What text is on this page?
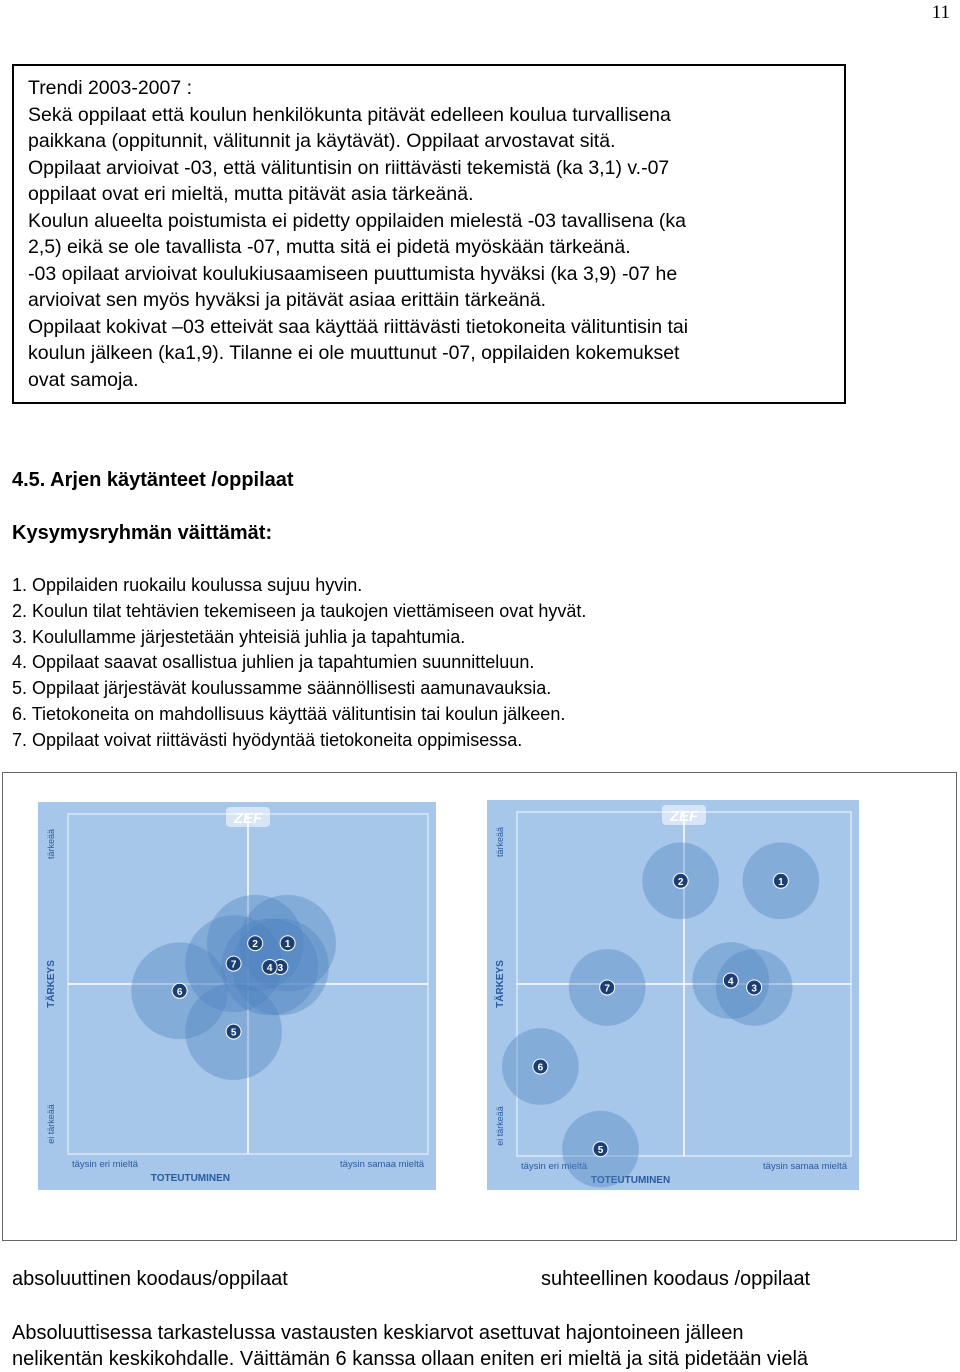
11

Trendi 2003-2007 :

Sekä oppilaat että koulun henkilökunta pitävät edelleen koulua turvallisena

paikkana (oppitunnit, välitunnit ja käytävät). Oppilaat arvostavat sitä.

Oppilaat arvioivat -03, että välituntisin on riittävästi tekemistä (ka 3,1) v.-07

oppilaat ovat eri mieltä, mutta pitävät asia tärkeänä.

Koulun alueelta poistumista ei pidetty oppilaiden mielestä -03 tavallisena (ka

2,5) eikä se ole tavallista -07, mutta sitä ei pidetä myöskään tärkeänä.

-03 opilaat arvioivat koulukiusaamiseen puuttumista hyväksi (ka 3,9) -07 he

arvioivat sen myös hyväksi ja pitävät asiaa erittäin tärkeänä.

Oppilaat kokivat –03 etteivät saa käyttää riittävästi tietokoneita välituntisin tai

koulun jälkeen (ka1,9). Tilanne ei ole muuttunut -07, oppilaiden kokemukset

ovat samoja.

4.5. Arjen käytänteet /oppilaat
Kysymysryhmän väittämät:
1. Oppilaiden ruokailu koulussa sujuu hyvin.
2. Koulun tilat tehtävien tekemiseen ja taukojen viettämiseen ovat hyvät.
3. Koulullamme järjestetään yhteisiä juhlia ja tapahtumia.
4. Oppilaat saavat osallistua juhlien ja tapahtumien suunnitteluun.
5. Oppilaat järjestävät koulussamme säännöllisesti aamunavauksia.
6. Tietokoneita on mahdollisuus käyttää välituntisin tai koulun jälkeen.
7. Oppilaat voivat riittävästi hyödyntää tietokoneita oppimisessa.
ZEF
TÄRKEYS
tärkeää
ei tärkeää
täysin eri mieltä	täysin samaa mieltä
TOTEUTUMINEN
1
2
3
4
5
6
7
ZEF
TÄRKEYS
tärkeää
ei tärkeää
täysin eri mieltä	täysin samaa mieltä
TOTEUTUMINEN
1
2
3
4
5
6
7
absoluuttinen koodaus/oppilaat	suhteellinen koodaus /oppilaat

Absoluuttisessa tarkastelussa vastausten keskiarvot asettuvat hajontoineen jälleen

nelikentän keskikohdalle. Väittämän 6 kanssa ollaan eniten eri mieltä ja sitä pidetään vielä
